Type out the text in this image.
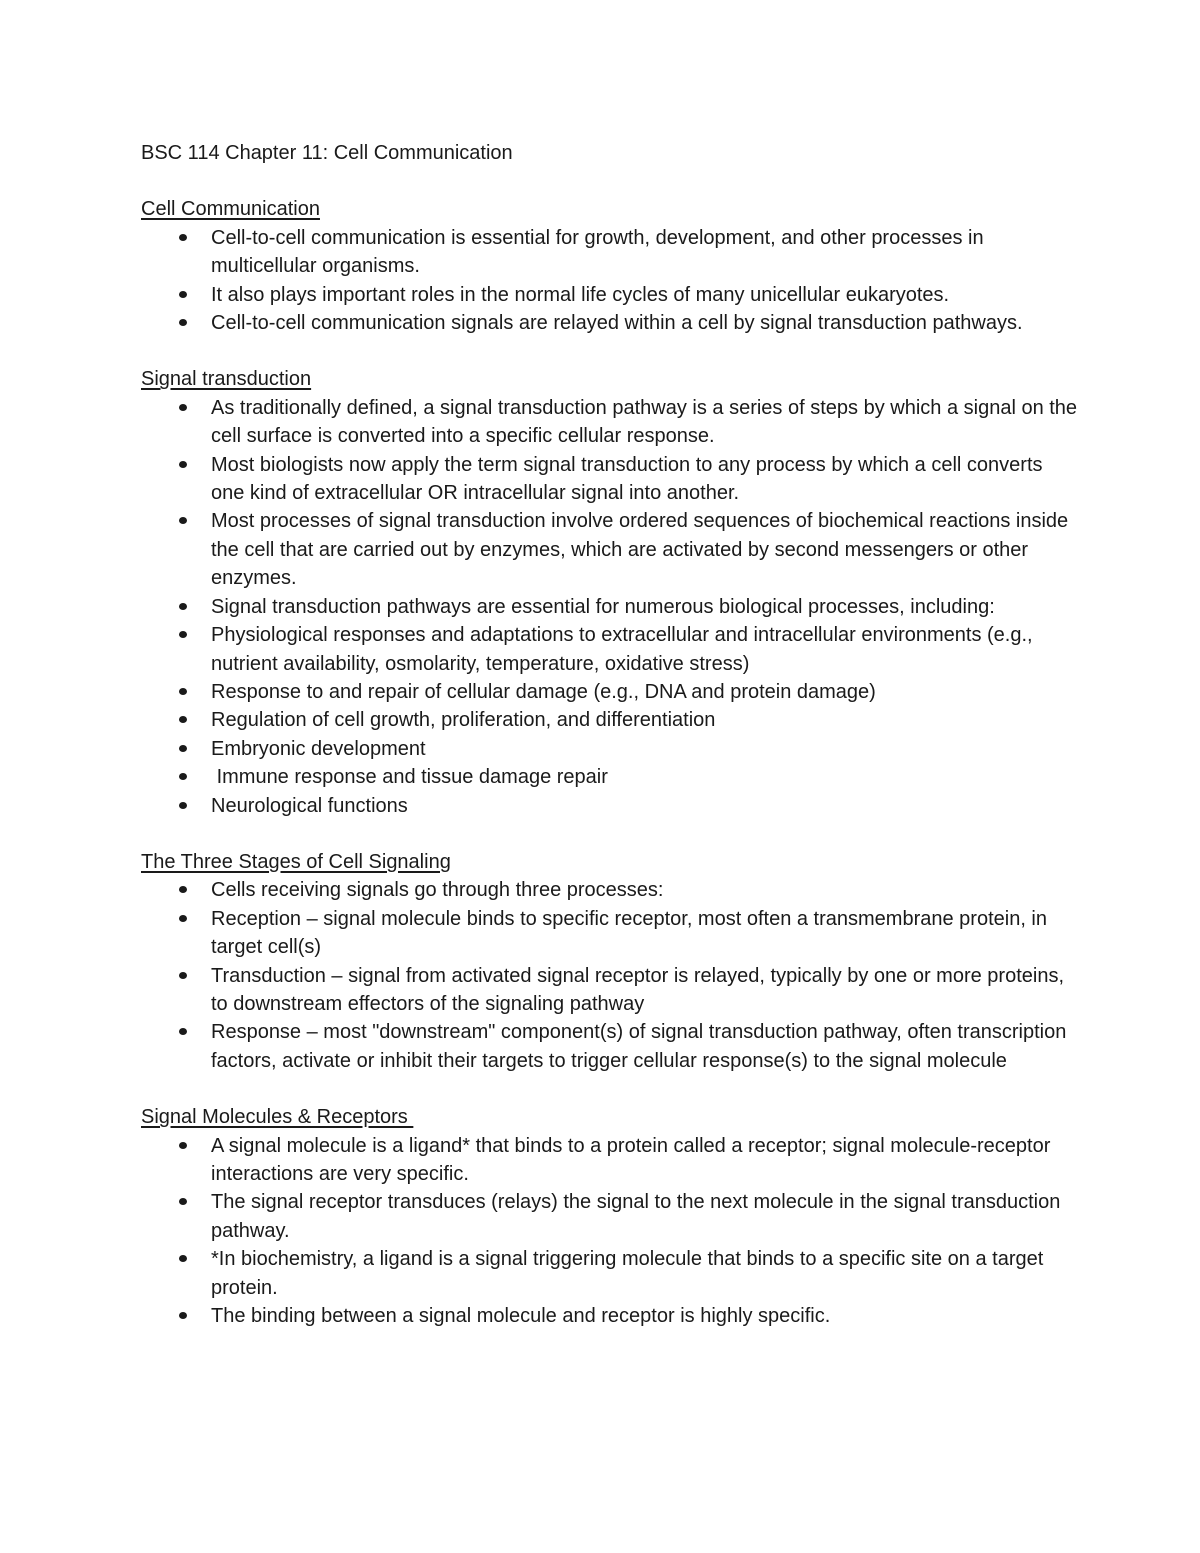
BSC 114 Chapter 11: Cell Communication
Cell Communication
Cell-to-cell communication is essential for growth, development, and other processes in multicellular organisms.
It also plays important roles in the normal life cycles of many unicellular eukaryotes.
Cell-to-cell communication signals are relayed within a cell by signal transduction pathways.
Signal transduction
As traditionally defined, a signal transduction pathway is a series of steps by which a signal on the cell surface is converted into a specific cellular response.
Most biologists now apply the term signal transduction to any process by which a cell converts one kind of extracellular OR intracellular signal into another.
Most processes of signal transduction involve ordered sequences of biochemical reactions inside the cell that are carried out by enzymes, which are activated by second messengers or other enzymes.
Signal transduction pathways are essential for numerous biological processes, including:
Physiological responses and adaptations to extracellular and intracellular environments (e.g., nutrient availability, osmolarity, temperature, oxidative stress)
Response to and repair of cellular damage (e.g., DNA and protein damage)
Regulation of cell growth, proliferation, and differentiation
Embryonic development
Immune response and tissue damage repair
Neurological functions
The Three Stages of Cell Signaling
Cells receiving signals go through three processes:
Reception – signal molecule binds to specific receptor, most often a transmembrane protein, in target cell(s)
Transduction – signal from activated signal receptor is relayed, typically by one or more proteins, to downstream effectors of the signaling pathway
Response – most "downstream" component(s) of signal transduction pathway, often transcription factors, activate or inhibit their targets to trigger cellular response(s) to the signal molecule
Signal Molecules & Receptors
A signal molecule is a ligand* that binds to a protein called a receptor; signal molecule-receptor interactions are very specific.
The signal receptor transduces (relays) the signal to the next molecule in the signal transduction pathway.
*In biochemistry, a ligand is a signal triggering molecule that binds to a specific site on a target protein.
The binding between a signal molecule and receptor is highly specific.
